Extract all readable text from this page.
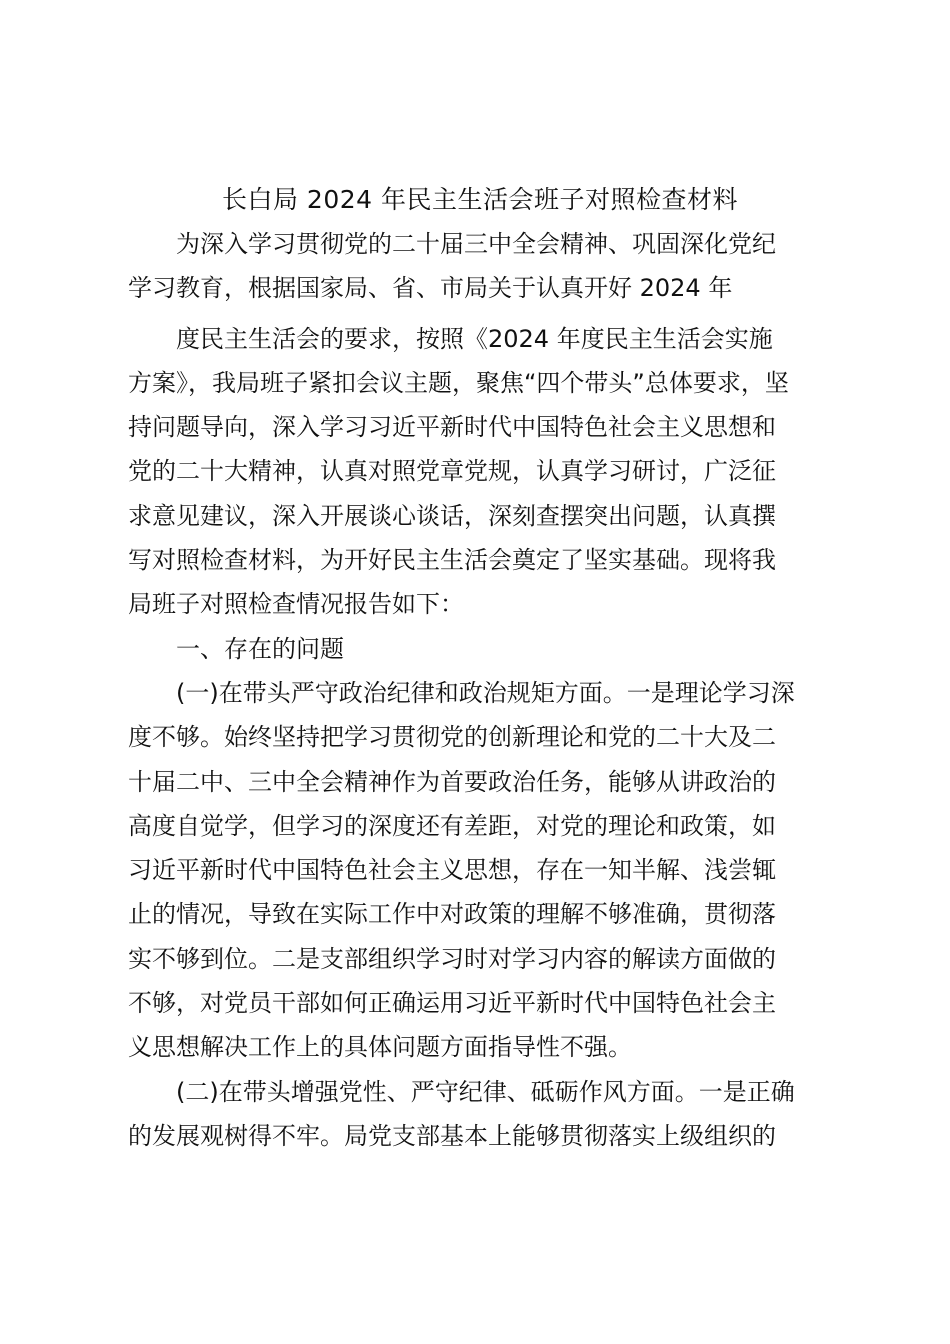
长白局 2024 年民主生活会班子对照检查材料
为深入学习贯彻党的二十届三中全会精神、巩固深化党纪
学习教育，根据国家局、省、市局关于认真开好 2024 年
度民主生活会的要求，按照《2024 年度民主生活会实施
方案》，我局班子紧扣会议主题，聚焦“四个带头”总体要求，坚
持问题导向，深入学习习近平新时代中国特色社会主义思想和
党的二十大精神，认真对照党章党规，认真学习研讨，广泛征
求意见建议，深入开展谈心谈话，深刻查摆突出问题，认真撰
写对照检查材料，为开好民主生活会奠定了坚实基础。现将我
局班子对照检查情况报告如下：
一、存在的问题
(一)在带头严守政治纪律和政治规矩方面。一是理论学习深
度不够。始终坚持把学习贯彻党的创新理论和党的二十大及二
十届二中、三中全会精神作为首要政治任务，能够从讲政治的
高度自觉学，但学习的深度还有差距，对党的理论和政策，如
习近平新时代中国特色社会主义思想，存在一知半解、浅尝辄
止的情况，导致在实际工作中对政策的理解不够准确，贯彻落
实不够到位。二是支部组织学习时对学习内容的解读方面做的
不够，对党员干部如何正确运用习近平新时代中国特色社会主
义思想解决工作上的具体问题方面指导性不强。
(二)在带头增强党性、严守纪律、砥砺作风方面。一是正确
的发展观树得不牢。局党支部基本上能够贯彻落实上级组织的
